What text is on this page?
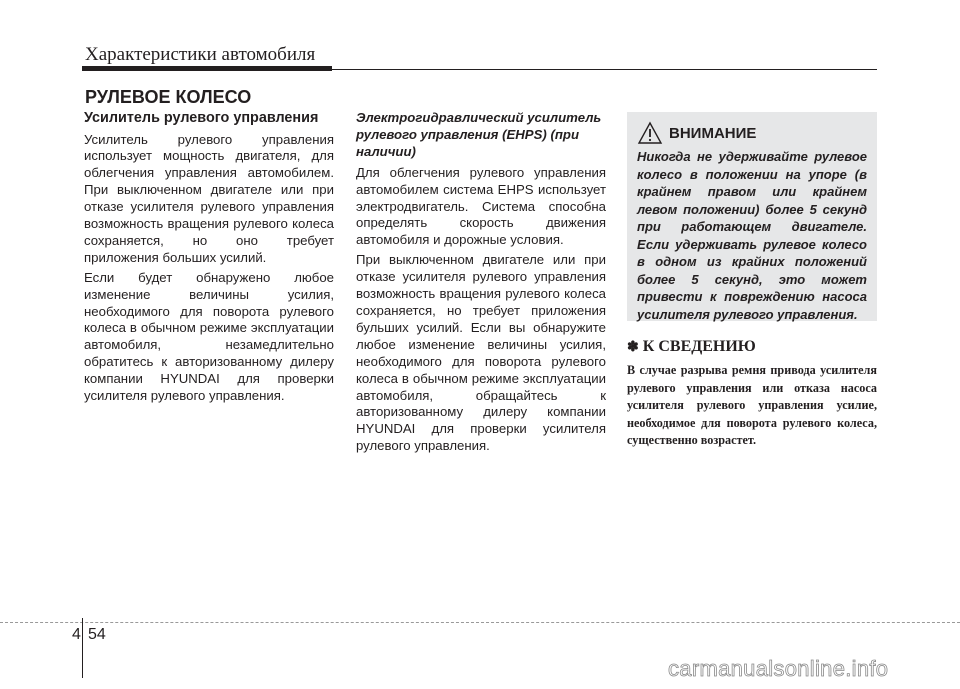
Характеристики автомобиля
РУЛЕВОЕ КОЛЕСО

Усилитель рулевого управления

Усилитель рулевого управления использует мощность двигателя, для облегчения управления автомобилем. При выключенном двигателе или при отказе усилителя рулевого управления возможность вращения рулевого колеса сохраняется, но оно требует приложения больших усилий.

Если будет обнаружено любое изменение величины усилия, необходимого для поворота рулевого колеса в обычном режиме эксплуатации автомобиля, незамедлительно обратитесь к авторизованному дилеру компании HYUNDAI для проверки усилителя рулевого управления.

Электрогидравлический усилитель рулевого управления (EHPS) (при наличии)

Для облегчения рулевого управления автомобилем система EHPS использует электродвигатель. Система способна определять скорость движения автомобиля и дорожные условия.

При выключенном двигателе или при отказе усилителя рулевого управления возможность вращения рулевого колеса сохраняется, но требует приложения бульших усилий. Если вы обнаружите любое изменение величины усилия, необходимого для поворота рулевого колеса в обычном режиме эксплуатации автомобиля, обращайтесь к авторизованному дилеру компании HYUNDAI для проверки усилителя рулевого управления.

ВНИМАНИЕ
Никогда не удерживайте рулевое колесо в положении на упоре (в крайнем правом или крайнем левом положении) более 5 секунд при работающем двигателе. Если удерживать рулевое колесо в одном из крайних положений более 5 секунд, это может привести к повреждению насоса усилителя рулевого управления.
✽ К СВЕДЕНИЮ
В случае разрыва ремня привода усилителя рулевого управления или отказа насоса усилителя рулевого управления усилие, необходимое для поворота рулевого колеса, существенно возрастет.
4 54
carmanualsonline.info
